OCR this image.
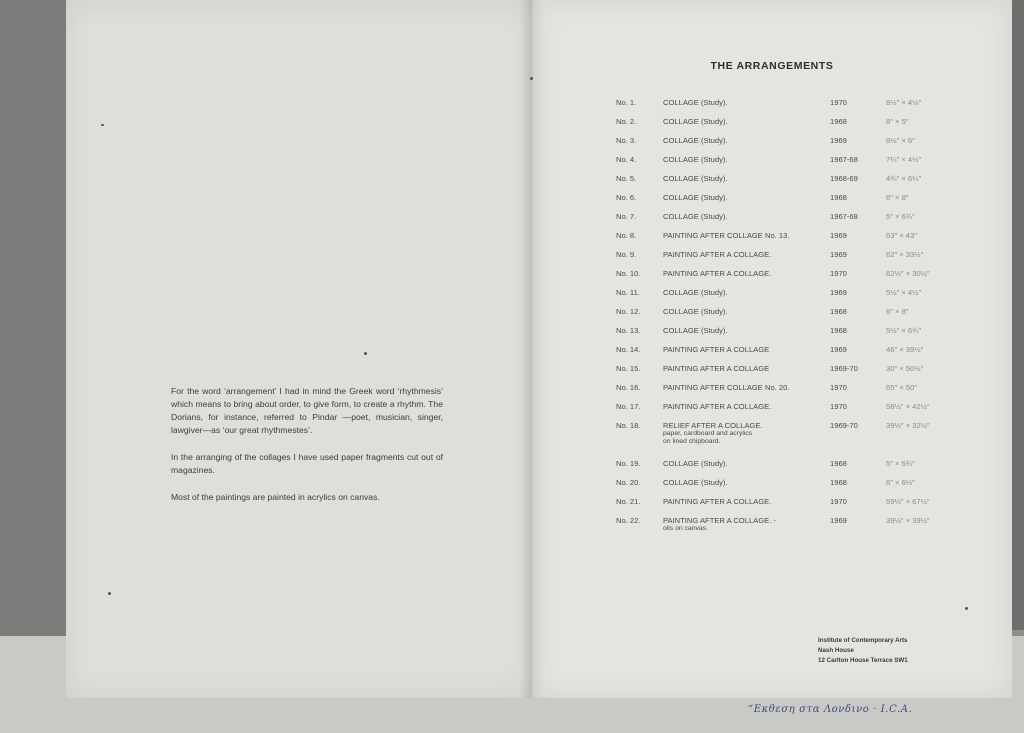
For the word ‘arrangement’ I had in mind the Greek word ‘rhythmesis’ which means to bring about order, to give form, to create a rhythm. The Dorians, for instance, referred to Pindar —poet, musician, singer, lawgiver—as ‘our great rhythmestes’.

In the arranging of the collages I have used paper fragments cut out of magazines.

Most of the paintings are painted in acrylics on canvas.

THE ARRANGEMENTS
No. 1.	COLLAGE (Study).	1970	8½″ × 4⅛″
No. 2.	COLLAGE (Study).	1968	8″ × 5″
No. 3.	COLLAGE (Study).	1969	8½″ × 6″
No. 4.	COLLAGE (Study).	1967-68	7¼″ × 4½″
No. 5.	COLLAGE (Study).	1968-69	4¾″ × 6¼″
No. 6.	COLLAGE (Study).	1968	6″ × 8″
No. 7.	COLLAGE (Study).	1967-68	5″ × 6¾″
No. 8.	PAINTING AFTER COLLAGE No. 13.	1969	63″ × 43″
No. 9.	PAINTING AFTER A COLLAGE.	1969	62″ × 33½″
No. 10.	PAINTING AFTER A COLLAGE.	1970	62½″ × 30½″
No. 11.	COLLAGE (Study).	1969	5½″ × 4½″
No. 12.	COLLAGE (Study).	1968	6″ × 8″
No. 13.	COLLAGE (Study).	1968	5½″ × 6¾″
No. 14.	PAINTING AFTER A COLLAGE	1969	46″ × 39½″
No. 15.	PAINTING AFTER A COLLAGE	1969-70	30″ × 50½″
No. 16.	PAINTING AFTER COLLAGE No. 20.	1970	65″ × 50″
No. 17.	PAINTING AFTER A COLLAGE.	1970	58½″ × 42½″
No. 18.	RELIEF AFTER A COLLAGE.
paper, cardboard and acrylics
on lined chipboard.
1969-70	39½″ × 32½″
No. 19.	COLLAGE (Study).	1968	5″ × 6¾″
No. 20.	COLLAGE (Study).	1968	6″ × 6½″
No. 21.	PAINTING AFTER A COLLAGE.	1970	59½″ × 67½″
No. 22.	PAINTING AFTER A COLLAGE. -
oils on canvas.
1969	39½″ × 39½″
Institute of Contemporary Arts
Nash House
12 Carlton House Terrace SW1
“Εκθεση στα Λονδινο · I.C.A.
